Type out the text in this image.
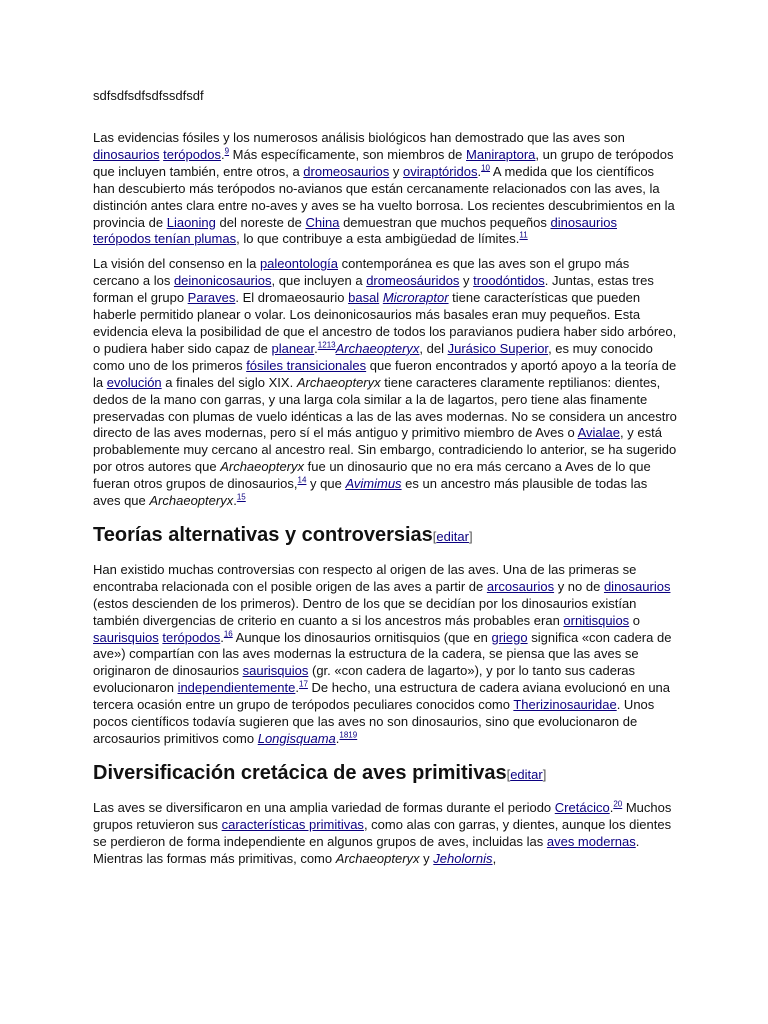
sdfsdfsdfsdfssdfsdf

Las evidencias fósiles y los numerosos análisis biológicos han demostrado que las aves son dinosaurios terópodos.$^9$ Más específicamente, son miembros de Maniraptora, un grupo de terópodos que incluyen también, entre otros, a dromeosaurios y oviraptóridos.$^{10}$ A medida que los científicos han descubierto más terópodos no-avianos que están cercanamente relacionados con las aves, la distinción antes clara entre no-aves y aves se ha vuelto borrosa. Los recientes descubrimientos en la provincia de Liaoning del noreste de China demuestran que muchos pequeños dinosaurios terópodos tenían plumas, lo que contribuye a esta ambigüedad de límites.$^{11}$

La visión del consenso en la paleontología contemporánea es que las aves son el grupo más cercano a los deinonicosaurios, que incluyen a dromeosáuridos y troodóntidos. Juntas, estas tres forman el grupo Paraves. El dromaeosaurio basal Microraptor tiene características que pueden haberle permitido planear o volar. Los deinonicosaurios más basales eran muy pequeños. Esta evidencia eleva la posibilidad de que el ancestro de todos los paravianos pudiera haber sido arbóreo, o pudiera haber sido capaz de planear.$^{1213}$Archaeopteryx, del Jurásico Superior, es muy conocido como uno de los primeros fósiles transicionales que fueron encontrados y aportó apoyo a la teoría de la evolución a finales del siglo XIX. Archaeopteryx tiene caracteres claramente reptilianos: dientes, dedos de la mano con garras, y una larga cola similar a la de lagartos, pero tiene alas finamente preservadas con plumas de vuelo idénticas a las de las aves modernas. No se considera un ancestro directo de las aves modernas, pero sí el más antiguo y primitivo miembro de Aves o Avialae, y está probablemente muy cercano al ancestro real. Sin embargo, contradiciendo lo anterior, se ha sugerido por otros autores que Archaeopteryx fue un dinosaurio que no era más cercano a Aves de lo que fueran otros grupos de dinosaurios,$^{14}$ y que Avimimus es un ancestro más plausible de todas las aves que Archaeopteryx.$^{15}$

Teorías alternativas y controversias[editar]

Han existido muchas controversias con respecto al origen de las aves. Una de las primeras se encontraba relacionada con el posible origen de las aves a partir de arcosaurios y no de dinosaurios (estos descienden de los primeros). Dentro de los que se decidían por los dinosaurios existían también divergencias de criterio en cuanto a si los ancestros más probables eran ornitisquios o saurisquios terópodos.$^{16}$ Aunque los dinosaurios ornitisquios (que en griego significa «con cadera de ave») compartían con las aves modernas la estructura de la cadera, se piensa que las aves se originaron de dinosaurios saurisquios (gr. «con cadera de lagarto»), y por lo tanto sus caderas evolucionaron independientemente.$^{17}$ De hecho, una estructura de cadera aviana evolucionó en una tercera ocasión entre un grupo de terópodos peculiares conocidos como Therizinosauridae. Unos pocos científicos todavía sugieren que las aves no son dinosaurios, sino que evolucionaron de arcosaurios primitivos como Longisquama.$^{1819}$

Diversificación cretácica de aves primitivas[editar]

Las aves se diversificaron en una amplia variedad de formas durante el periodo Cretácico.$^{20}$ Muchos grupos retuvieron sus características primitivas, como alas con garras, y dientes, aunque los dientes se perdieron de forma independiente en algunos grupos de aves, incluidas las aves modernas. Mientras las formas más primitivas, como Archaeopteryx y Jeholornis,
